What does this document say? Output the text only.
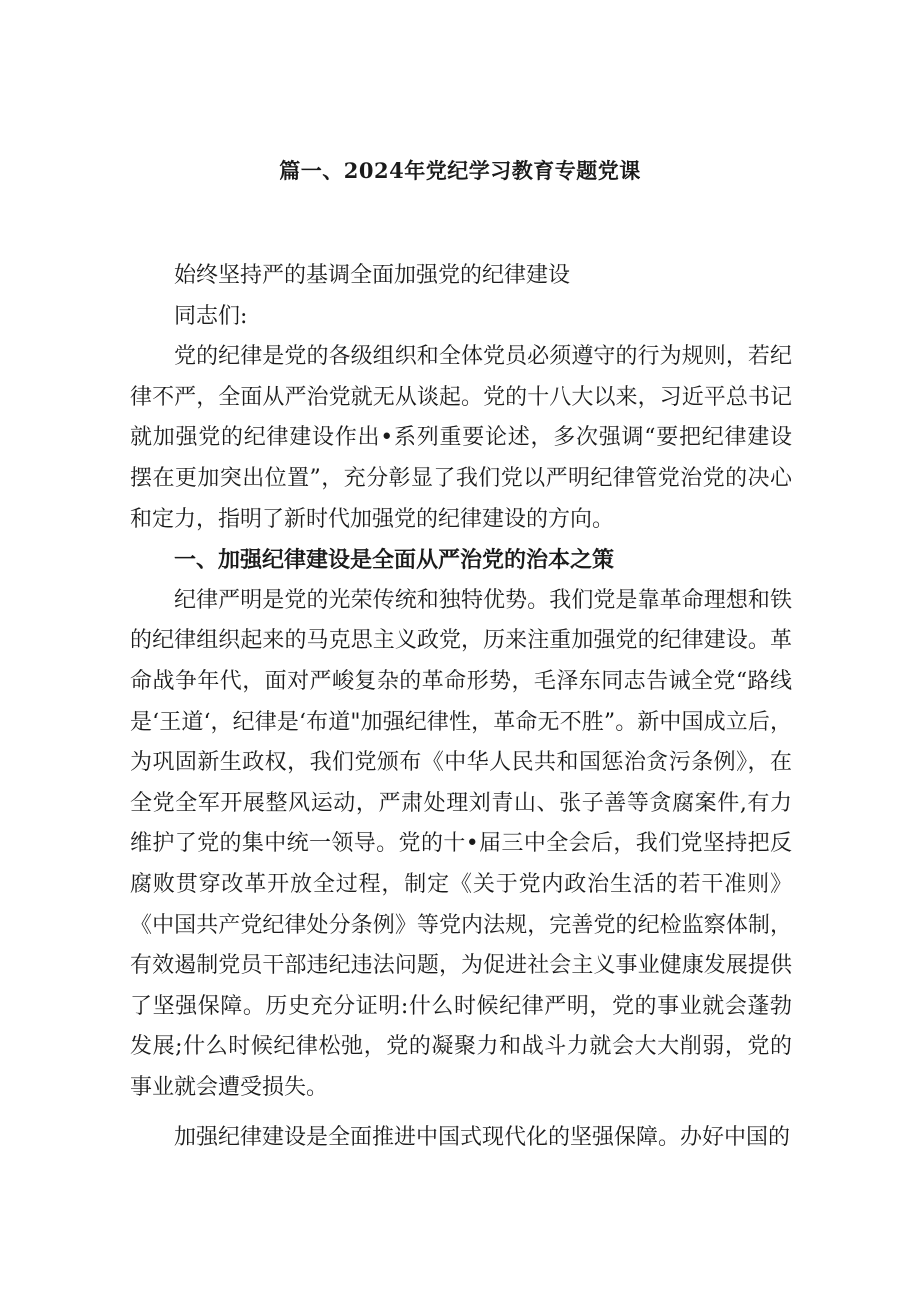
篇一、2024年党纪学习教育专题党课

始终坚持严的基调全面加强党的纪律建设

同志们:

党的纪律是党的各级组织和全体党员必须遵守的行为规则，若纪律不严，全面从严治党就无从谈起。党的十八大以来，习近平总书记就加强党的纪律建设作出•系列重要论述，多次强调“要把纪律建设摆在更加突出位置”，充分彰显了我们党以严明纪律管党治党的决心和定力，指明了新时代加强党的纪律建设的方向。

一、加强纪律建设是全面从严治党的治本之策

纪律严明是党的光荣传统和独特优势。我们党是靠革命理想和铁的纪律组织起来的马克思主义政党，历来注重加强党的纪律建设。革命战争年代，面对严峻复杂的革命形势，毛泽东同志告诫全党“路线是‘王道‘，纪律是‘布道"加强纪律性，革命无不胜”。新中国成立后，为巩固新生政权，我们党颁布《中华人民共和国惩治贪污条例》，在全党全军开展整风运动，严肃处理刘青山、张子善等贪腐案件,有力维护了党的集中统一领导。党的十•届三中全会后，我们党坚持把反腐败贯穿改革开放全过程，制定《关于党内政治生活的若干准则》《中国共产党纪律处分条例》等党内法规，完善党的纪检监察体制，有效遏制党员干部违纪违法问题，为促进社会主义事业健康发展提供了坚强保障。历史充分证明:什么时候纪律严明，党的事业就会蓬勃发展;什么时候纪律松弛，党的凝聚力和战斗力就会大大削弱，党的事业就会遭受损失。

加强纪律建设是全面推进中国式现代化的坚强保障。办好中国的
